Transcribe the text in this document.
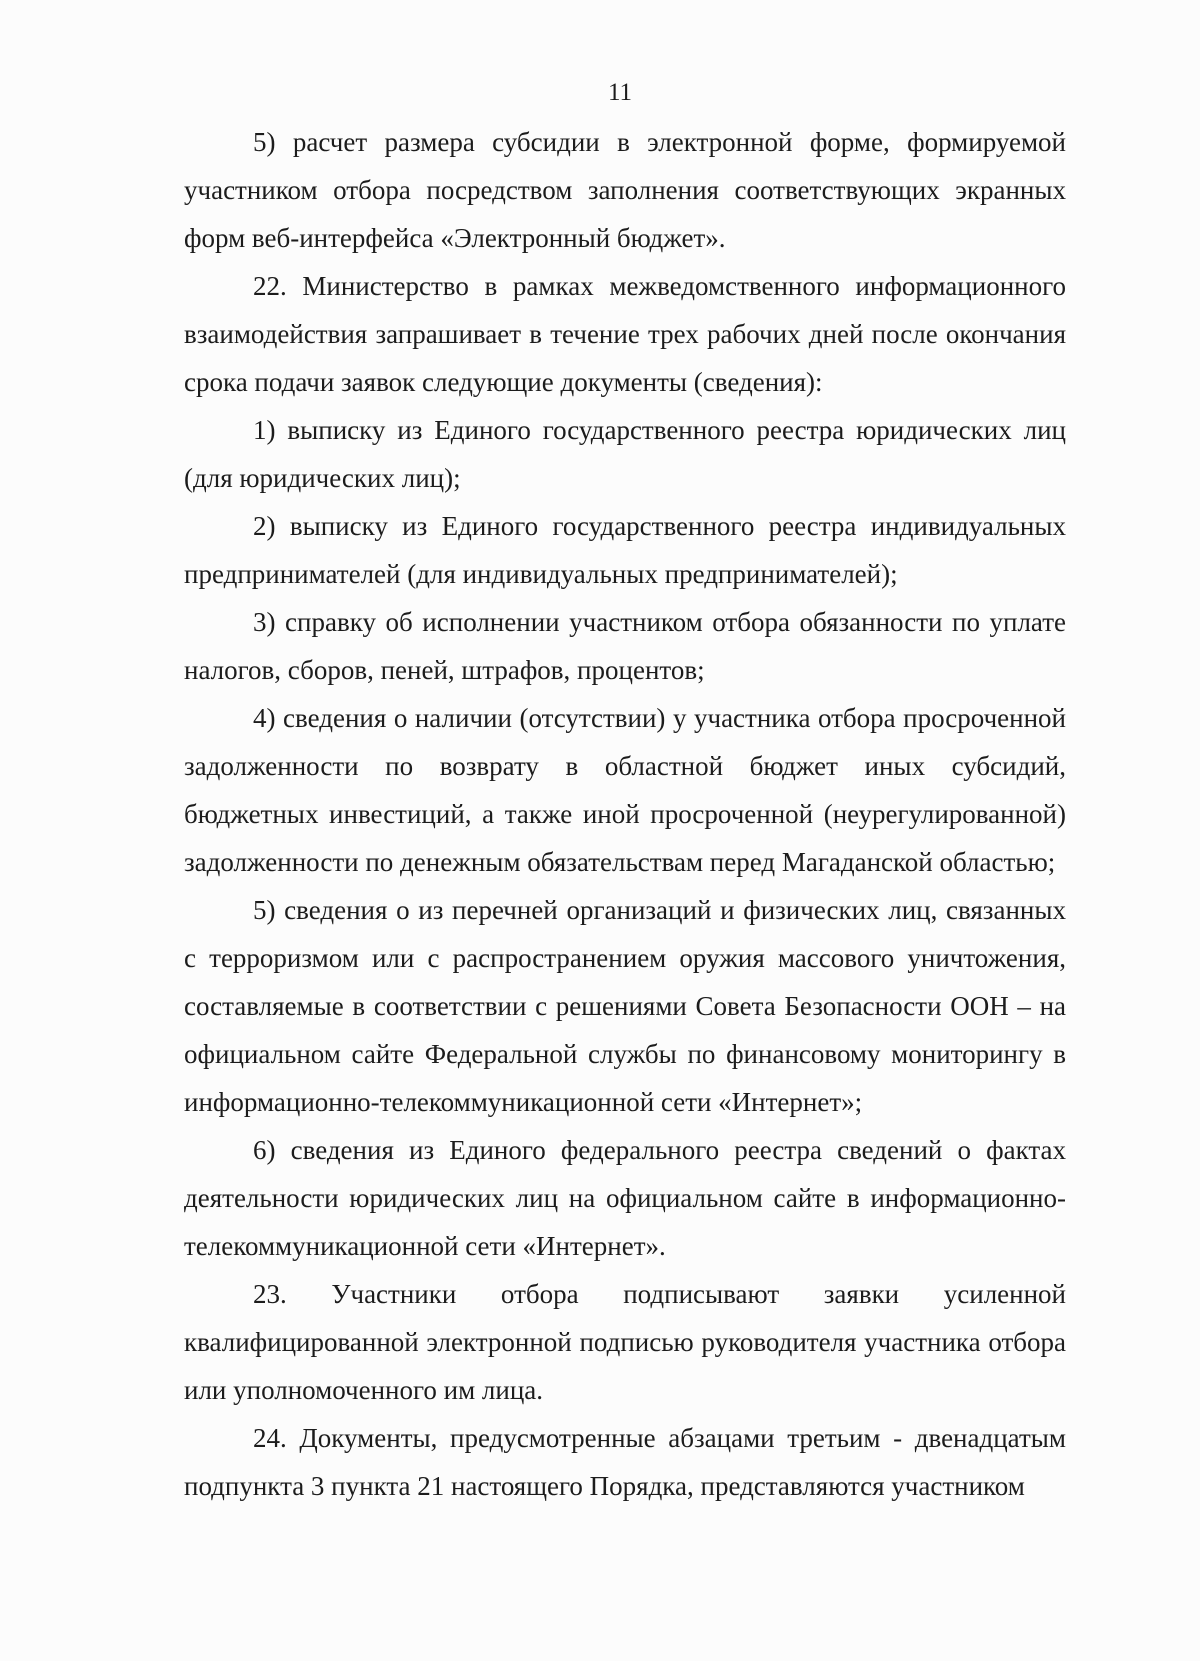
11

5) расчет размера субсидии в электронной форме, формируемой участником отбора посредством заполнения соответствующих экранных форм веб-интерфейса «Электронный бюджет».

22. Министерство в рамках межведомственного информационного взаимодействия запрашивает в течение трех рабочих дней после окончания срока подачи заявок следующие документы (сведения):

1) выписку из Единого государственного реестра юридических лиц (для юридических лиц);

2) выписку из Единого государственного реестра индивидуальных предпринимателей (для индивидуальных предпринимателей);

3) справку об исполнении участником отбора обязанности по уплате налогов, сборов, пеней, штрафов, процентов;

4) сведения о наличии (отсутствии) у участника отбора просроченной задолженности по возврату в областной бюджет иных субсидий, бюджетных инвестиций, а также иной просроченной (неурегулированной) задолженности по денежным обязательствам перед Магаданской областью;

5) сведения о из перечней организаций и физических лиц, связанных с терроризмом или с распространением оружия массового уничтожения, составляемые в соответствии с решениями Совета Безопасности ООН – на официальном сайте Федеральной службы по финансовому мониторингу в информационно-телекоммуникационной сети «Интернет»;

6) сведения из Единого федерального реестра сведений о фактах деятельности юридических лиц на официальном сайте в информационно-телекоммуникационной сети «Интернет».

23. Участники отбора подписывают заявки усиленной квалифицированной электронной подписью руководителя участника отбора или уполномоченного им лица.

24. Документы, предусмотренные абзацами третьим - двенадцатым подпункта 3 пункта 21 настоящего Порядка, представляются участником
